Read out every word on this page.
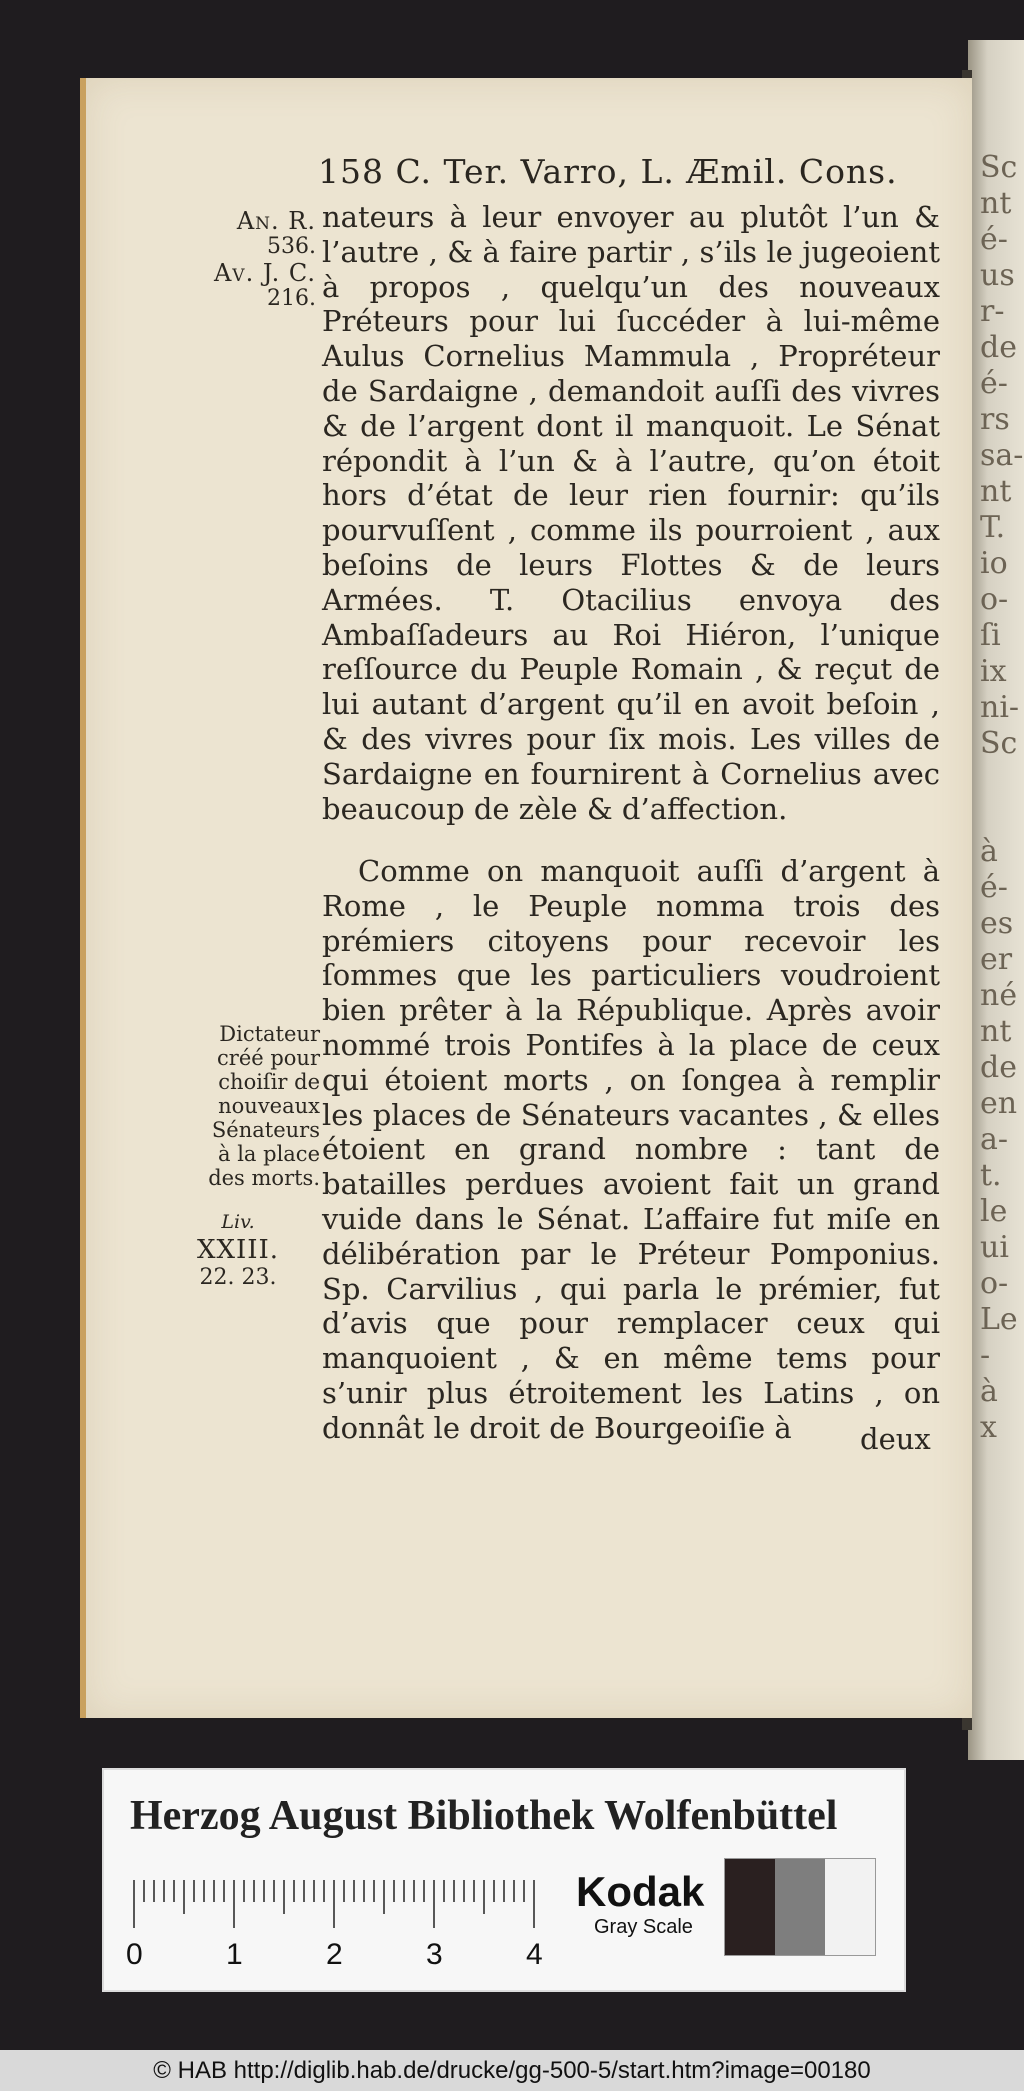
Sc
nt
é-
us
r-
de
é-
rs
sa-
nt
T.
io
o-
ſi
ix
ni-
Sc

à
é-
es
er
né
nt
de
en
a-
t.
le
ui
o-
Le
-
à
x
158 C. Ter. Varro, L. Æmil. Cons.
An. R.
536.
Av. J. C.
216.

nateurs à leur envoyer au plutôt l’un & l’autre , & à faire partir , s’ils le jugeoient à propos , quelqu’un des nouveaux Préteurs pour lui ſuccéder à lui-même Aulus Cornelius Mammula , Propréteur de Sardaigne , demandoit auſſi des vivres & de l’argent dont il manquoit. Le Sénat répondit à l’un & à l’autre, qu’on étoit hors d’état de leur rien fournir: qu’ils pourvuſſent , comme ils pourroient , aux beſoins de leurs Flottes & de leurs Armées. T. Otacilius envoya des Ambaſſadeurs au Roi Hiéron, l’unique reſſource du Peuple Romain , & reçut de lui autant d’argent qu’il en avoit beſoin , & des vivres pour ſix mois. Les villes de Sardaigne en fournirent à Cornelius avec beaucoup de zèle & d’affection.

Comme on manquoit auſſi d’argent à Rome , le Peuple nomma trois des prémiers citoyens pour recevoir les ſommes que les particuliers voudroient bien prêter à la République. Après avoir nommé trois Pontifes à la place de ceux qui étoient morts , on ſongea à remplir les places de Sénateurs vacantes , & elles étoient en grand nombre : tant de batailles perdues avoient fait un grand vuide dans le Sénat. L’affaire fut miſe en délibération par le Préteur Pomponius. Sp. Carvilius , qui parla le prémier, fut d’avis que pour remplacer ceux qui manquoient , & en même tems pour s’unir plus étroitement les Latins , on donnât le droit de Bourgeoiſie à

Dictateur
créé pour
choiſir de
nouveaux
Sénateurs
à la place
des morts.
Liv.
XXIII.
22. 23.
deux
Herzog August Bibliothek Wolfenbüttel
0	1	2	3	4
Kodak
Gray Scale
© HAB http://diglib.hab.de/drucke/gg-500-5/start.htm?image=00180
